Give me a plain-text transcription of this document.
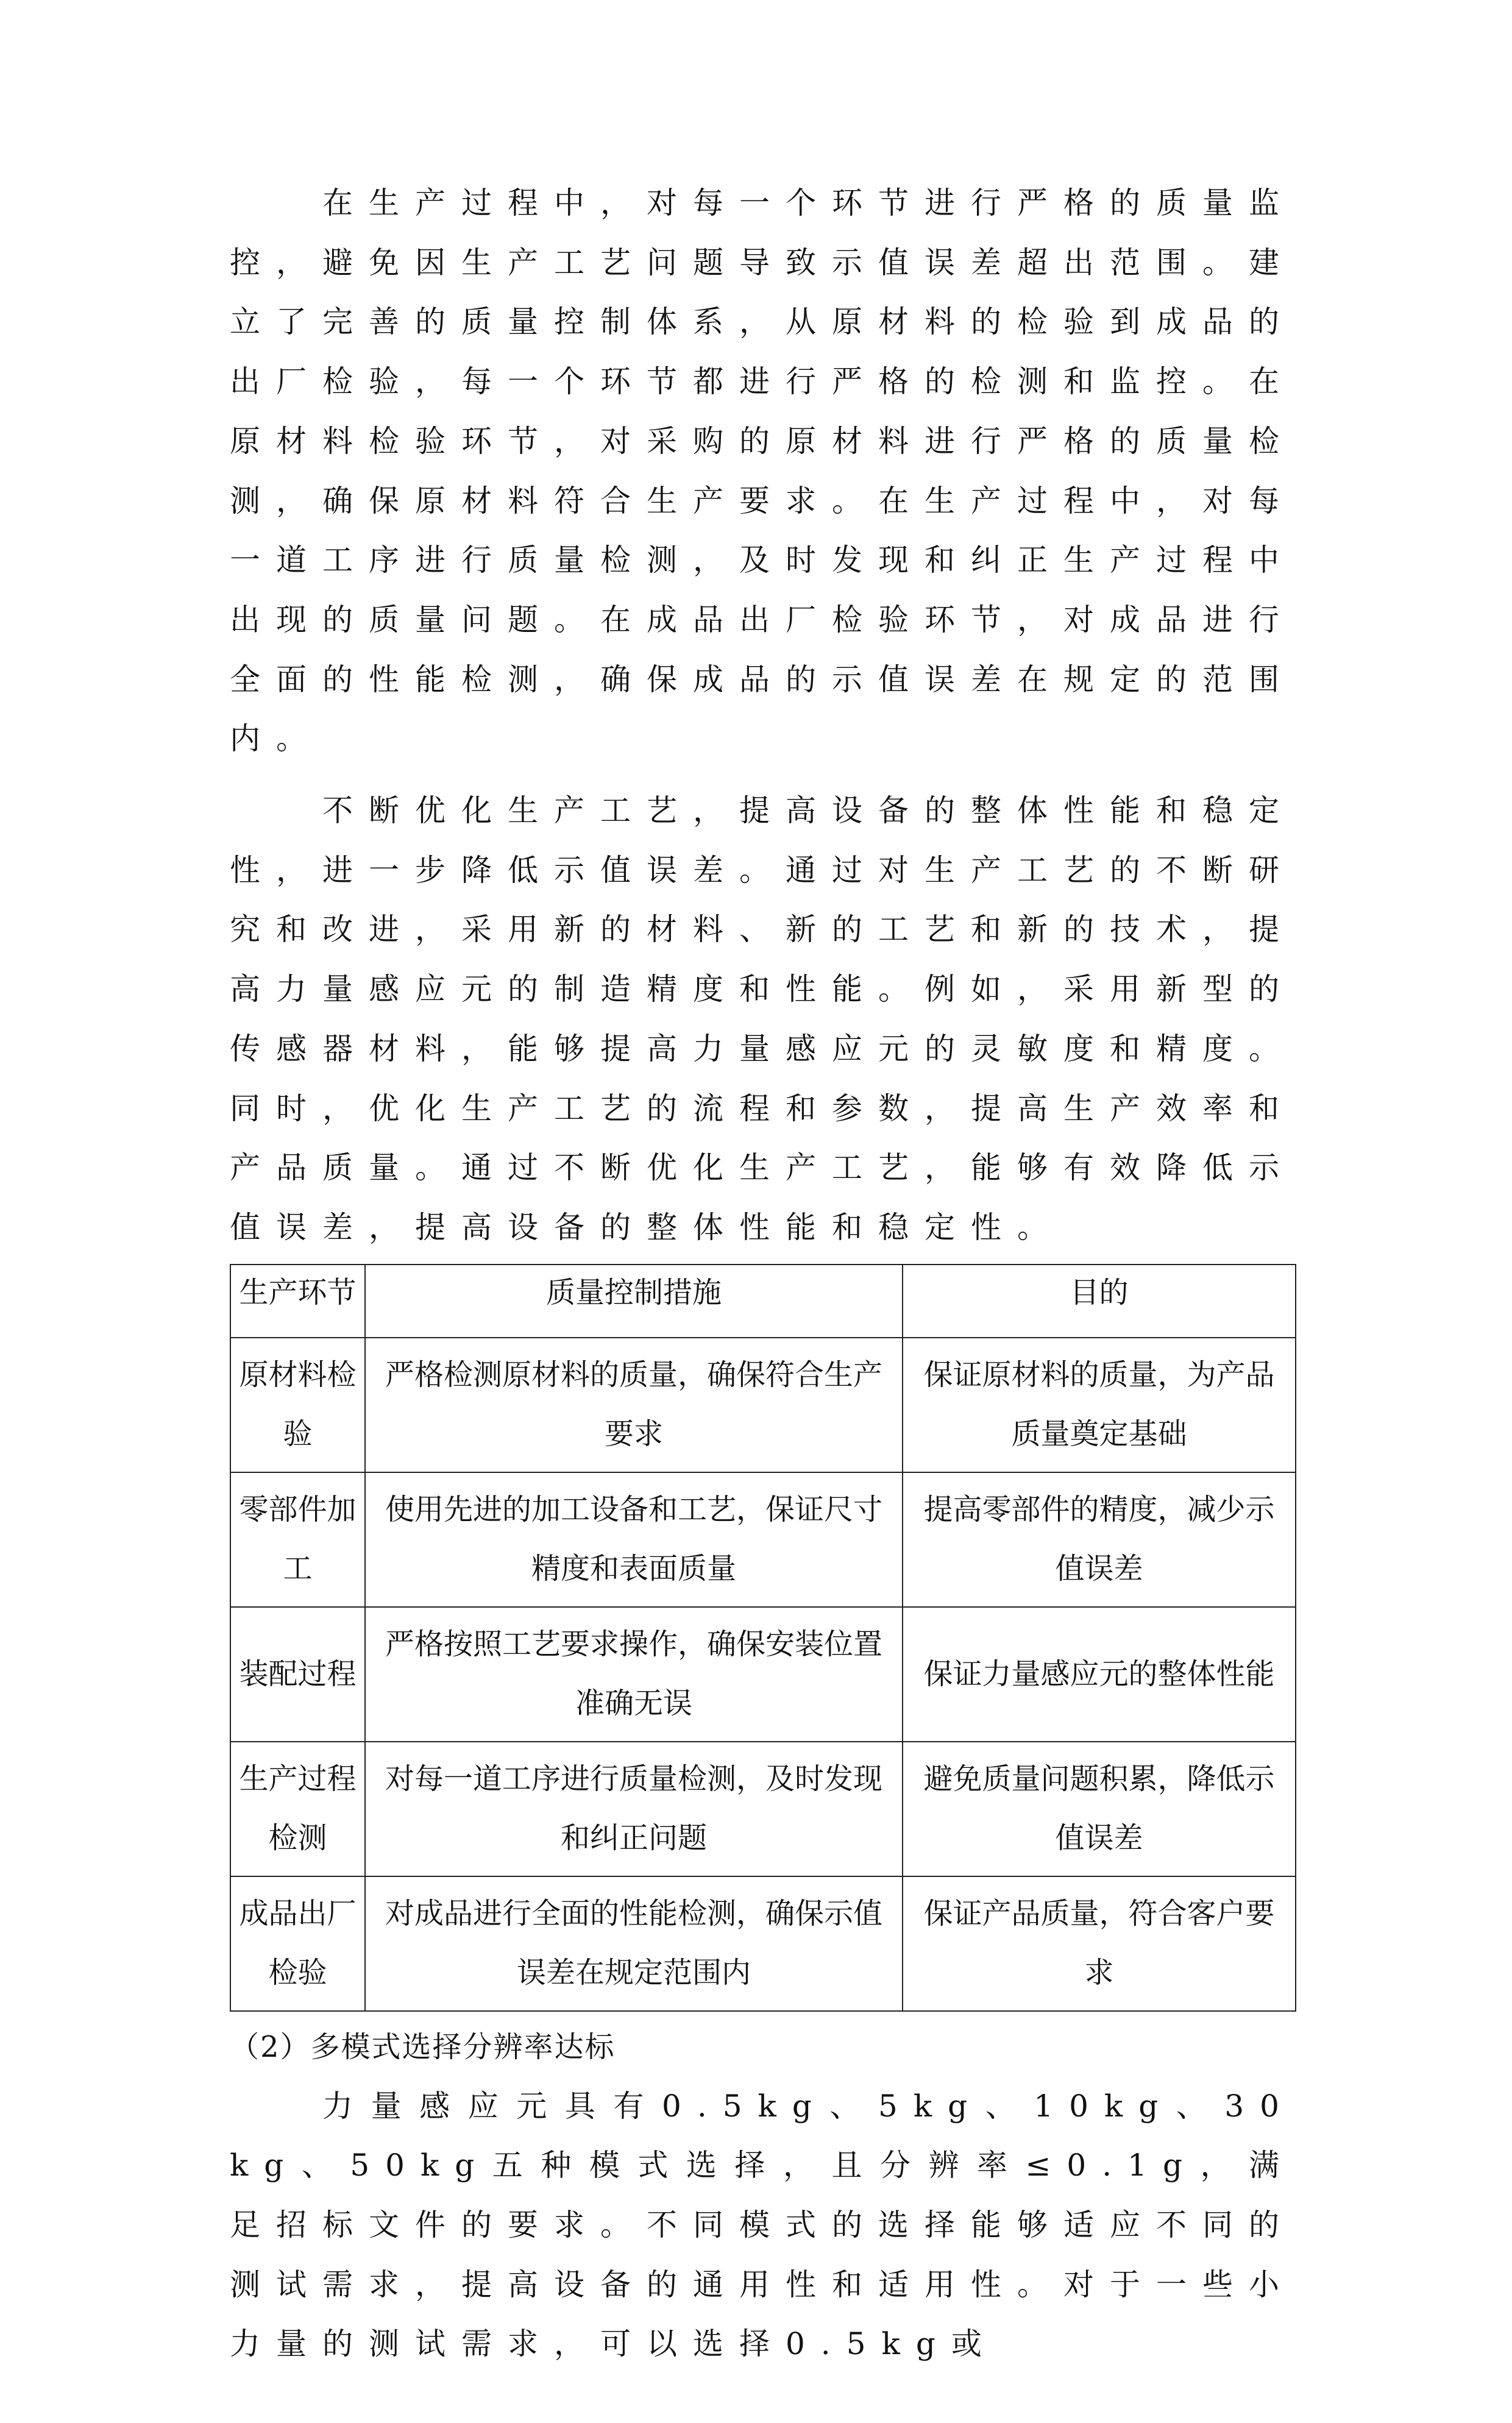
在生产过程中，对每一个环节进行严格的质量监控，避免因生产工艺问题导致示值误差超出范围。建立了完善的质量控制体系，从原材料的检验到成品的出厂检验，每一个环节都进行严格的检测和监控。在原材料检验环节，对采购的原材料进行严格的质量检测，确保原材料符合生产要求。在生产过程中，对每一道工序进行质量检测，及时发现和纠正生产过程中出现的质量问题。在成品出厂检验环节，对成品进行全面的性能检测，确保成品的示值误差在规定的范围内。

不断优化生产工艺，提高设备的整体性能和稳定性，进一步降低示值误差。通过对生产工艺的不断研究和改进，采用新的材料、新的工艺和新的技术，提高力量感应元的制造精度和性能。例如，采用新型的传感器材料，能够提高力量感应元的灵敏度和精度。同时，优化生产工艺的流程和参数，提高生产效率和产品质量。通过不断优化生产工艺，能够有效降低示值误差，提高设备的整体性能和稳定性。

生产环节	质量控制措施	目的
原材料检验	严格检测原材料的质量，确保符合生产要求	保证原材料的质量，为产品质量奠定基础
零部件加工	使用先进的加工设备和工艺，保证尺寸精度和表面质量	提高零部件的精度，减少示值误差
装配过程	严格按照工艺要求操作，确保安装位置准确无误	保证力量感应元的整体性能
生产过程检测	对每一道工序进行质量检测，及时发现和纠正问题	避免质量问题积累，降低示值误差
成品出厂检验	对成品进行全面的性能检测，确保示值误差在规定范围内	保证产品质量，符合客户要求

（2）多模式选择分辨率达标

力量感应元具有0.5kg、5kg、10kg、30kg、50kg五种模式选择，且分辨率≤0.1g，满足招标文件的要求。不同模式的选择能够适应不同的测试需求，提高设备的通用性和适用性。对于一些小力量的测试需求，可以选择0.5kg或
